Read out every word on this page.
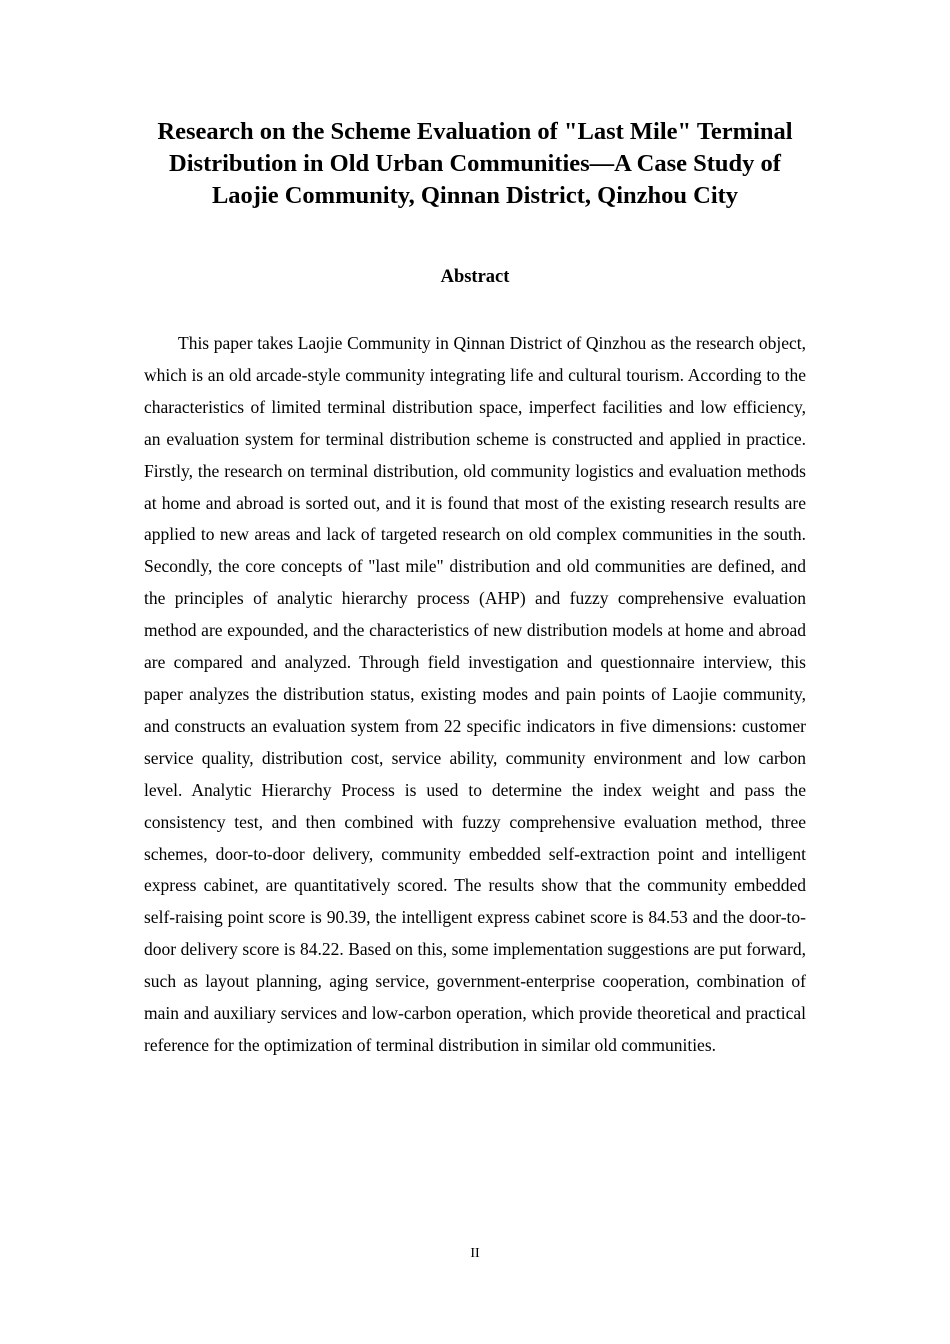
Research on the Scheme Evaluation of "Last Mile" Terminal Distribution in Old Urban Communities—A Case Study of Laojie Community, Qinnan District, Qinzhou City
Abstract

This paper takes Laojie Community in Qinnan District of Qinzhou as the research object, which is an old arcade-style community integrating life and cultural tourism. According to the characteristics of limited terminal distribution space, imperfect facilities and low efficiency, an evaluation system for terminal distribution scheme is constructed and applied in practice. Firstly, the research on terminal distribution, old community logistics and evaluation methods at home and abroad is sorted out, and it is found that most of the existing research results are applied to new areas and lack of targeted research on old complex communities in the south. Secondly, the core concepts of "last mile" distribution and old communities are defined, and the principles of analytic hierarchy process (AHP) and fuzzy comprehensive evaluation method are expounded, and the characteristics of new distribution models at home and abroad are compared and analyzed. Through field investigation and questionnaire interview, this paper analyzes the distribution status, existing modes and pain points of Laojie community, and constructs an evaluation system from 22 specific indicators in five dimensions: customer service quality, distribution cost, service ability, community environment and low carbon level. Analytic Hierarchy Process is used to determine the index weight and pass the consistency test, and then combined with fuzzy comprehensive evaluation method, three schemes, door-to-door delivery, community embedded self-extraction point and intelligent express cabinet, are quantitatively scored. The results show that the community embedded self-raising point score is 90.39, the intelligent express cabinet score is 84.53 and the door-to-door delivery score is 84.22. Based on this, some implementation suggestions are put forward, such as layout planning, aging service, government-enterprise cooperation, combination of main and auxiliary services and low-carbon operation, which provide theoretical and practical reference for the optimization of terminal distribution in similar old communities.

II
